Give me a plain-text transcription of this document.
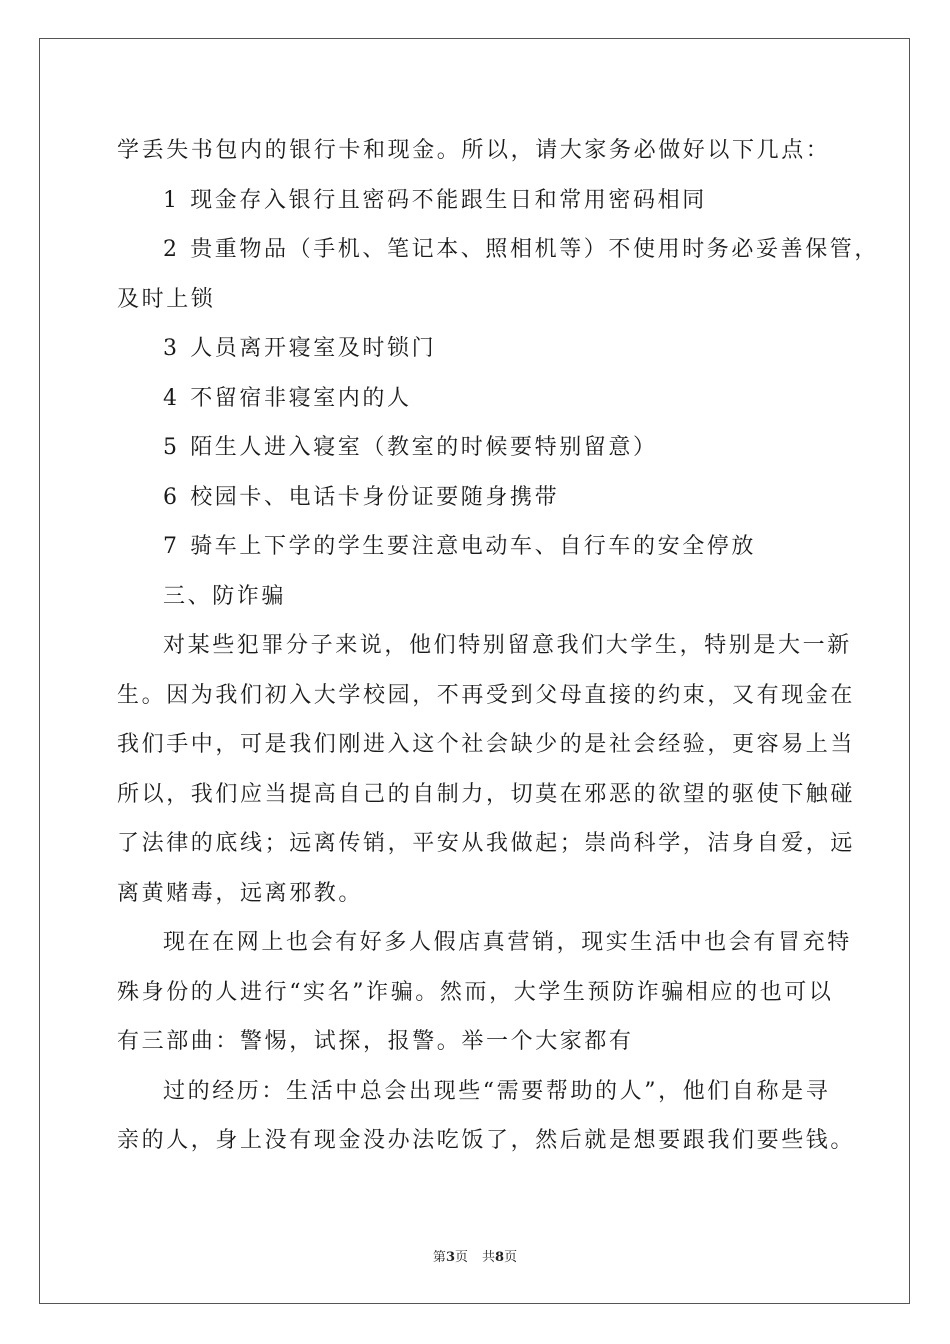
学丢失书包内的银行卡和现金。所以，请大家务必做好以下几点：
1 现金存入银行且密码不能跟生日和常用密码相同
2 贵重物品（手机、笔记本、照相机等）不使用时务必妥善保管，
及时上锁
3 人员离开寝室及时锁门
4 不留宿非寝室内的人
5 陌生人进入寝室（教室的时候要特别留意）
6 校园卡、电话卡身份证要随身携带
7 骑车上下学的学生要注意电动车、自行车的安全停放
三、防诈骗
对某些犯罪分子来说，他们特别留意我们大学生，特别是大一新
生。因为我们初入大学校园，不再受到父母直接的约束，又有现金在
我们手中，可是我们刚进入这个社会缺少的是社会经验，更容易上当
所以，我们应当提高自己的自制力，切莫在邪恶的欲望的驱使下触碰
了法律的底线；远离传销，平安从我做起；崇尚科学，洁身自爱，远
离黄赌毒，远离邪教。
现在在网上也会有好多人假店真营销，现实生活中也会有冒充特
殊身份的人进行“实名”诈骗。然而，大学生预防诈骗相应的也可以
有三部曲：警惕，试探，报警。举一个大家都有
过的经历：生活中总会出现些“需要帮助的人”，他们自称是寻
亲的人，身上没有现金没办法吃饭了，然后就是想要跟我们要些钱。
第3页 共8页
